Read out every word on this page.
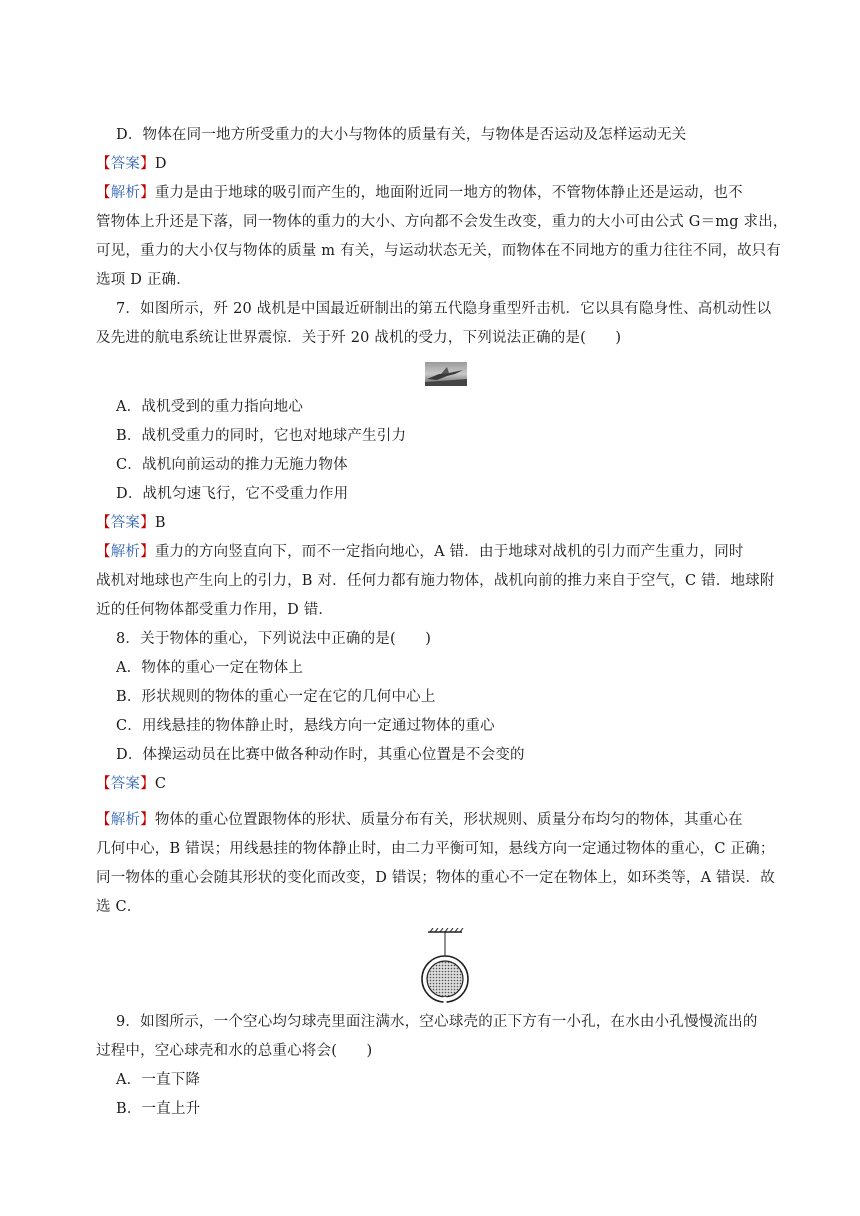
D．物体在同一地方所受重力的大小与物体的质量有关，与物体是否运动及怎样运动无关
【答案】D
【解析】重力是由于地球的吸引而产生的，地面附近同一地方的物体，不管物体静止还是运动，也不
管物体上升还是下落，同一物体的重力的大小、方向都不会发生改变，重力的大小可由公式 G＝mg 求出，
可见，重力的大小仅与物体的质量 m 有关，与运动状态无关，而物体在不同地方的重力往往不同，故只有
选项 D 正确．
7．如图所示，歼 20 战机是中国最近研制出的第五代隐身重型歼击机．它以具有隐身性、高机动性以
及先进的航电系统让世界震惊．关于歼 20 战机的受力，下列说法正确的是(　　)
A．战机受到的重力指向地心
B．战机受重力的同时，它也对地球产生引力
C．战机向前运动的推力无施力物体
D．战机匀速飞行，它不受重力作用
【答案】B
【解析】重力的方向竖直向下，而不一定指向地心，A 错．由于地球对战机的引力而产生重力，同时
战机对地球也产生向上的引力，B 对．任何力都有施力物体，战机向前的推力来自于空气，C 错．地球附
近的任何物体都受重力作用，D 错．
8．关于物体的重心，下列说法中正确的是(　　)
A．物体的重心一定在物体上
B．形状规则的物体的重心一定在它的几何中心上
C．用线悬挂的物体静止时，悬线方向一定通过物体的重心
D．体操运动员在比赛中做各种动作时，其重心位置是不会变的
【答案】C
【解析】物体的重心位置跟物体的形状、质量分布有关，形状规则、质量分布均匀的物体，其重心在
几何中心，B 错误；用线悬挂的物体静止时，由二力平衡可知，悬线方向一定通过物体的重心，C 正确；
同一物体的重心会随其形状的变化而改变，D 错误；物体的重心不一定在物体上，如环类等，A 错误．故
选 C．
9．如图所示，一个空心均匀球壳里面注满水，空心球壳的正下方有一小孔，在水由小孔慢慢流出的
过程中，空心球壳和水的总重心将会(　　)
A．一直下降
B．一直上升
